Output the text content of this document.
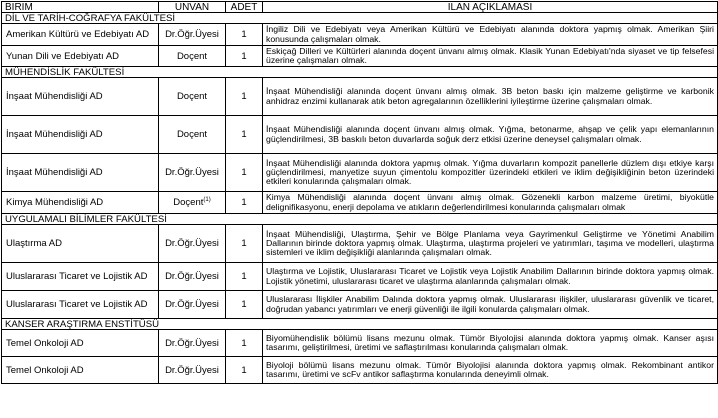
BİRİM	UNVAN	ADET	İLAN AÇIKLAMASI
DİL VE TARİH-COĞRAFYA FAKÜLTESİ			
Amerikan Kültürü ve Edebiyatı AD	Dr.Öğr.Üyesi	1	İngiliz Dili ve Edebiyatı veya Amerikan Kültürü ve Edebiyatı alanında doktora yapmış olmak. Amerikan Şiiri konusunda çalışmaları olmak.
Yunan Dili ve Edebiyatı AD	Doçent	1	Eskiçağ Dilleri ve Kültürleri alanında doçent ünvanı almış olmak. Klasik Yunan Edebiyatı'nda siyaset ve tip felsefesi üzerine çalışmaları olmak.
MÜHENDİSLİK FAKÜLTESİ			
İnşaat Mühendisliği AD	Doçent	1	İnşaat Mühendisliği alanında doçent ünvanı almış olmak. 3B beton baskı için malzeme geliştirme ve karbonik anhidraz enzimi kullanarak atık beton agregalarının özelliklerini iyileştirme üzerine çalışmaları olmak.
İnşaat Mühendisliği AD	Doçent	1	İnşaat Mühendisliği alanında doçent ünvanı almış olmak. Yığma, betonarme, ahşap ve çelik yapı elemanlarının güçlendirilmesi, 3B baskılı beton duvarlarda soğuk derz etkisi üzerine deneysel çalışmaları olmak.
İnşaat Mühendisliği AD	Dr.Öğr.Üyesi	1	İnşaat Mühendisliği alanında doktora yapmış olmak. Yığma duvarların kompozit panellerle düzlem dışı etkiye karşı güçlendirilmesi, manyetize suyun çimentolu kompozitler üzerindeki etkileri ve iklim değişikliğinin beton üzerindeki etkileri konularında çalışmaları olmak.
Kimya Mühendisliği AD	Doçent$^{(1)}$	1	Kimya Mühendisliği alanında doçent ünvanı almış olmak. Gözenekli karbon malzeme üretimi, biyokütle delignifikasyonu, enerji depolama ve atıkların değerlendirilmesi konularında çalışmaları olmak
UYGULAMALI BİLİMLER FAKÜLTESİ			
Ulaştırma AD	Dr.Öğr.Üyesi	1	İnşaat Mühendisliği, Ulaştırma, Şehir ve Bölge Planlama veya Gayrimenkul Geliştirme ve Yönetimi Anabilim Dallarının birinde doktora yapmış olmak. Ulaştırma, ulaştırma projeleri ve yatırımları, taşıma ve modelleri, ulaştırma sistemleri ve iklim değişikliği alanlarında çalışmaları olmak.
Uluslararası Ticaret ve Lojistik AD	Dr.Öğr.Üyesi	1	Ulaştırma ve Lojistik, Uluslararası Ticaret ve Lojistik veya Lojistik Anabilim Dallarının birinde doktora yapmış olmak. Lojistik yönetimi, uluslararası ticaret ve ulaştırma alanlarında çalışmaları olmak.
Uluslararası Ticaret ve Lojistik AD	Dr.Öğr.Üyesi	1	Uluslararası İlişkiler Anabilim Dalında doktora yapmış olmak. Uluslararası ilişkiler, uluslararası güvenlik ve ticaret, doğrudan yabancı yatırımları ve enerji güvenliği ile ilgili konularda çalışmaları olmak.
KANSER ARAŞTIRMA ENSTİTÜSÜ			
Temel Onkoloji AD	Dr.Öğr.Üyesi	1	Biyomühendislik bölümü lisans mezunu olmak. Tümör Biyolojisi alanında doktora yapmış olmak. Kanser aşısı tasarımı, geliştirilmesi, üretimi ve saflaştırılması konularında çalışmaları olmak.
Temel Onkoloji AD	Dr.Öğr.Üyesi	1	Biyoloji bölümü lisans mezunu olmak. Tümör Biyolojisi alanında doktora yapmış olmak. Rekombinant antikor tasarımı, üretimi ve scFv antikor saflaştırma konularında deneyimli olmak.
